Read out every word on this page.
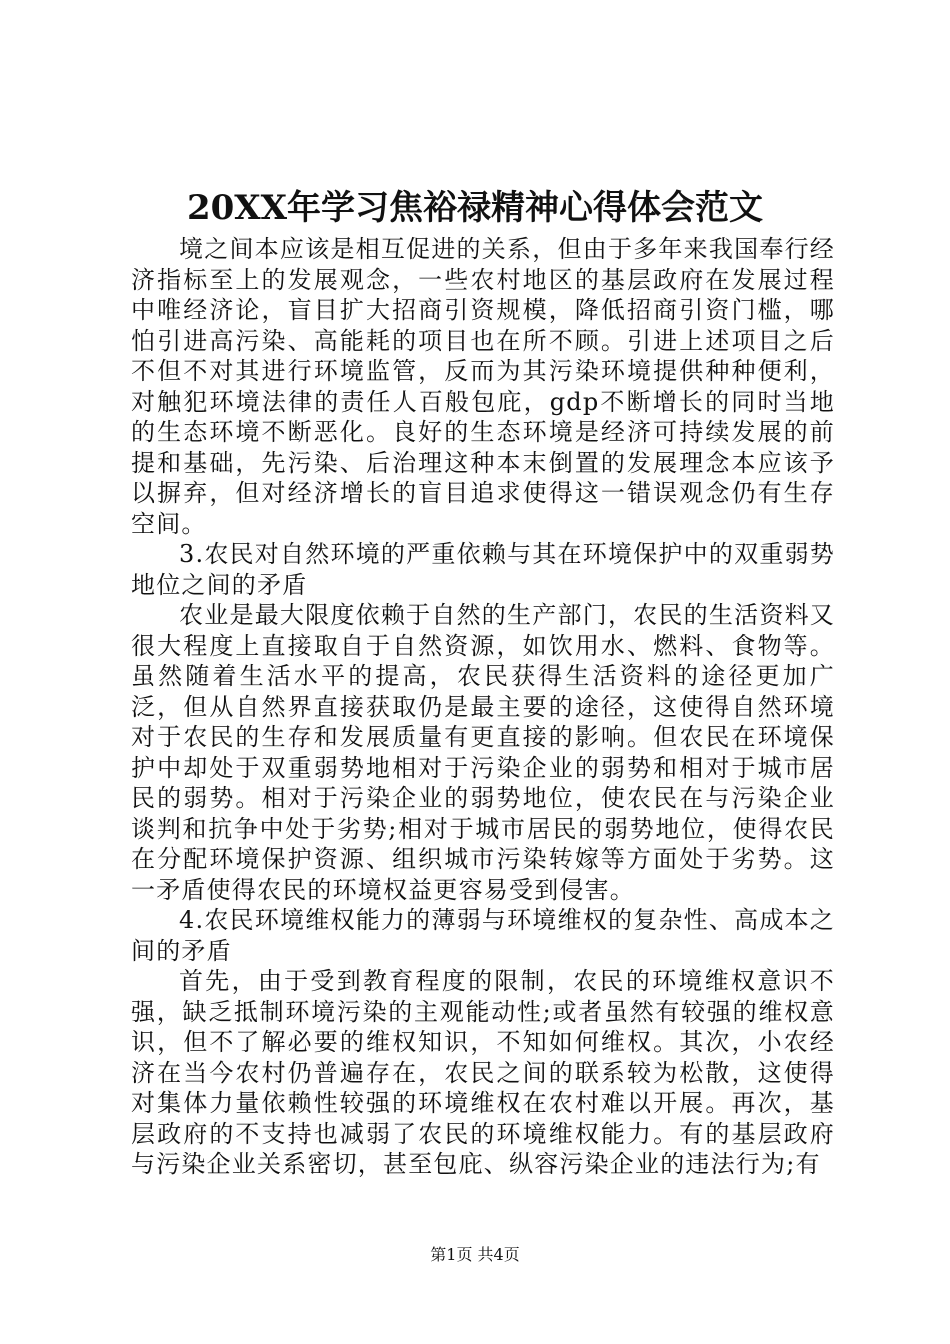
20XX年学习焦裕禄精神心得体会范文

境之间本应该是相互促进的关系，但由于多年来我国奉行经济指标至上的发展观念，一些农村地区的基层政府在发展过程中唯经济论，盲目扩大招商引资规模，降低招商引资门槛，哪怕引进高污染、高能耗的项目也在所不顾。引进上述项目之后不但不对其进行环境监管，反而为其污染环境提供种种便利，对触犯环境法律的责任人百般包庇，gdp不断增长的同时当地的生态环境不断恶化。良好的生态环境是经济可持续发展的前提和基础，先污染、后治理这种本末倒置的发展理念本应该予以摒弃，但对经济增长的盲目追求使得这一错误观念仍有生存空间。

3.农民对自然环境的严重依赖与其在环境保护中的双重弱势地位之间的矛盾

农业是最大限度依赖于自然的生产部门，农民的生活资料又很大程度上直接取自于自然资源，如饮用水、燃料、食物等。虽然随着生活水平的提高，农民获得生活资料的途径更加广泛，但从自然界直接获取仍是最主要的途径，这使得自然环境对于农民的生存和发展质量有更直接的影响。但农民在环境保护中却处于双重弱势地相对于污染企业的弱势和相对于城市居民的弱势。相对于污染企业的弱势地位，使农民在与污染企业谈判和抗争中处于劣势;相对于城市居民的弱势地位，使得农民在分配环境保护资源、组织城市污染转嫁等方面处于劣势。这一矛盾使得农民的环境权益更容易受到侵害。

4.农民环境维权能力的薄弱与环境维权的复杂性、高成本之间的矛盾

首先，由于受到教育程度的限制，农民的环境维权意识不强，缺乏抵制环境污染的主观能动性;或者虽然有较强的维权意识，但不了解必要的维权知识，不知如何维权。其次，小农经济在当今农村仍普遍存在，农民之间的联系较为松散，这使得对集体力量依赖性较强的环境维权在农村难以开展。再次，基层政府的不支持也减弱了农民的环境维权能力。有的基层政府与污染企业关系密切，甚至包庇、纵容污染企业的违法行为;有

第1页 共4页
